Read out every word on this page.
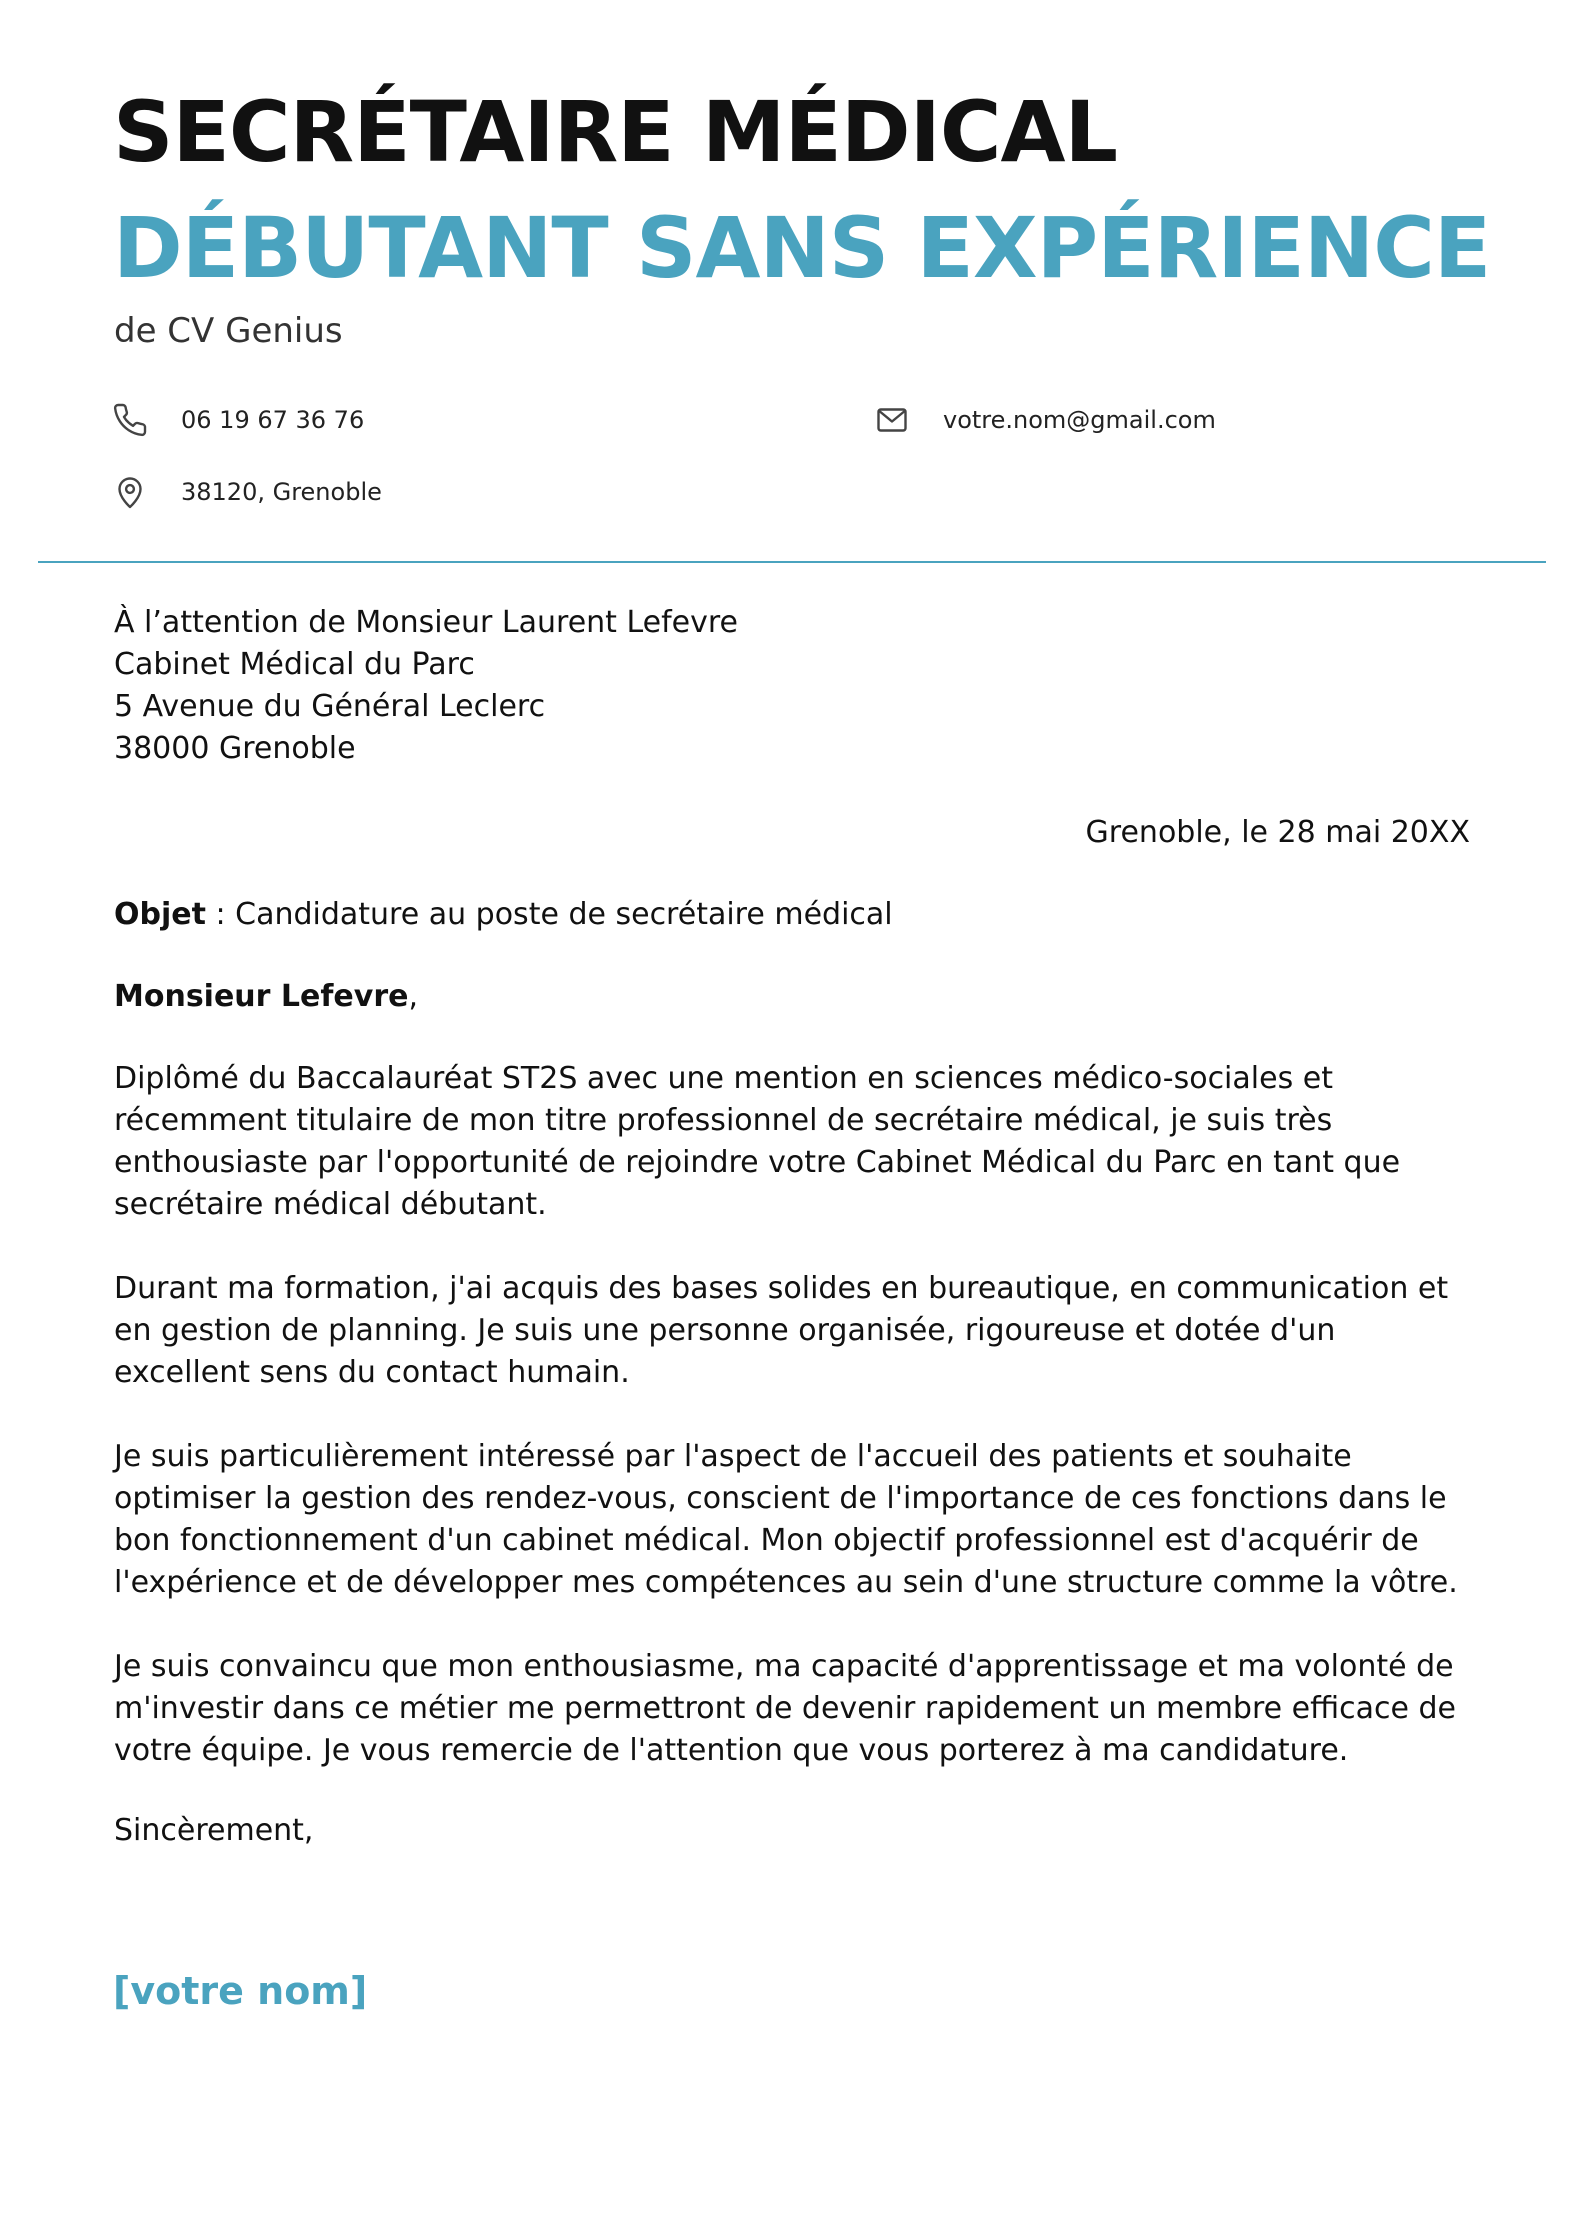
SECRÉTAIRE MÉDICAL
DÉBUTANT SANS EXPÉRIENCE
de CV Genius
06 19 67 36 76	votre.nom@gmail.com
38120, Grenoble
À l’attention de Monsieur Laurent Lefevre
Cabinet Médical du Parc
5 Avenue du Général Leclerc
38000 Grenoble
Grenoble, le 28 mai 20XX
Objet : Candidature au poste de secrétaire médical
Monsieur Lefevre,

Diplômé du Baccalauréat ST2S avec une mention en sciences médico-sociales et récemment titulaire de mon titre professionnel de secrétaire médical, je suis très enthousiaste par l'opportunité de rejoindre votre Cabinet Médical du Parc en tant que secrétaire médical débutant.

Durant ma formation, j'ai acquis des bases solides en bureautique, en communication et en gestion de planning. Je suis une personne organisée, rigoureuse et dotée d'un excellent sens du contact humain.

Je suis particulièrement intéressé par l'aspect de l'accueil des patients et souhaite optimiser la gestion des rendez-vous, conscient de l'importance de ces fonctions dans le bon fonctionnement d'un cabinet médical. Mon objectif professionnel est d'acquérir de l'expérience et de développer mes compétences au sein d'une structure comme la vôtre.

Je suis convaincu que mon enthousiasme, ma capacité d'apprentissage et ma volonté de m'investir dans ce métier me permettront de devenir rapidement un membre efficace de votre équipe. Je vous remercie de l'attention que vous porterez à ma candidature.

Sincèrement,
[votre nom]
